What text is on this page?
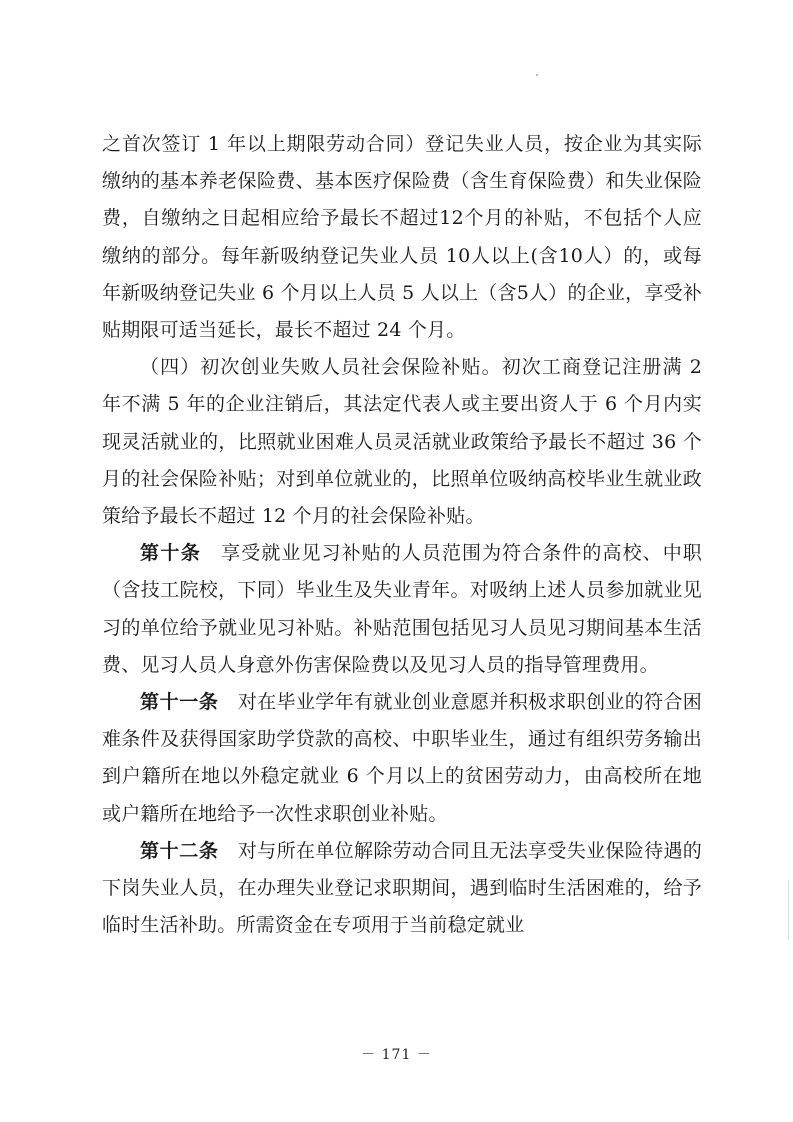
之首次签订 1 年以上期限劳动合同）登记失业人员，按企业为其实际缴纳的基本养老保险费、基本医疗保险费（含生育保险费）和失业保险费，自缴纳之日起相应给予最长不超过12个月的补贴，不包括个人应缴纳的部分。每年新吸纳登记失业人员 10人以上(含10人）的，或每年新吸纳登记失业 6 个月以上人员 5 人以上（含5人）的企业，享受补贴期限可适当延长，最长不超过 24 个月。

（四）初次创业失败人员社会保险补贴。初次工商登记注册满 2 年不满 5 年的企业注销后，其法定代表人或主要出资人于 6 个月内实现灵活就业的，比照就业困难人员灵活就业政策给予最长不超过 36 个月的社会保险补贴；对到单位就业的，比照单位吸纳高校毕业生就业政策给予最长不超过 12 个月的社会保险补贴。

第十条　享受就业见习补贴的人员范围为符合条件的高校、中职（含技工院校，下同）毕业生及失业青年。对吸纳上述人员参加就业见习的单位给予就业见习补贴。补贴范围包括见习人员见习期间基本生活费、见习人员人身意外伤害保险费以及见习人员的指导管理费用。

第十一条　对在毕业学年有就业创业意愿并积极求职创业的符合困难条件及获得国家助学贷款的高校、中职毕业生，通过有组织劳务输出到户籍所在地以外稳定就业 6 个月以上的贫困劳动力，由高校所在地或户籍所在地给予一次性求职创业补贴。

第十二条　对与所在单位解除劳动合同且无法享受失业保险待遇的下岗失业人员，在办理失业登记求职期间，遇到临时生活困难的，给予临时生活补助。所需资金在专项用于当前稳定就业

－ 171 －
